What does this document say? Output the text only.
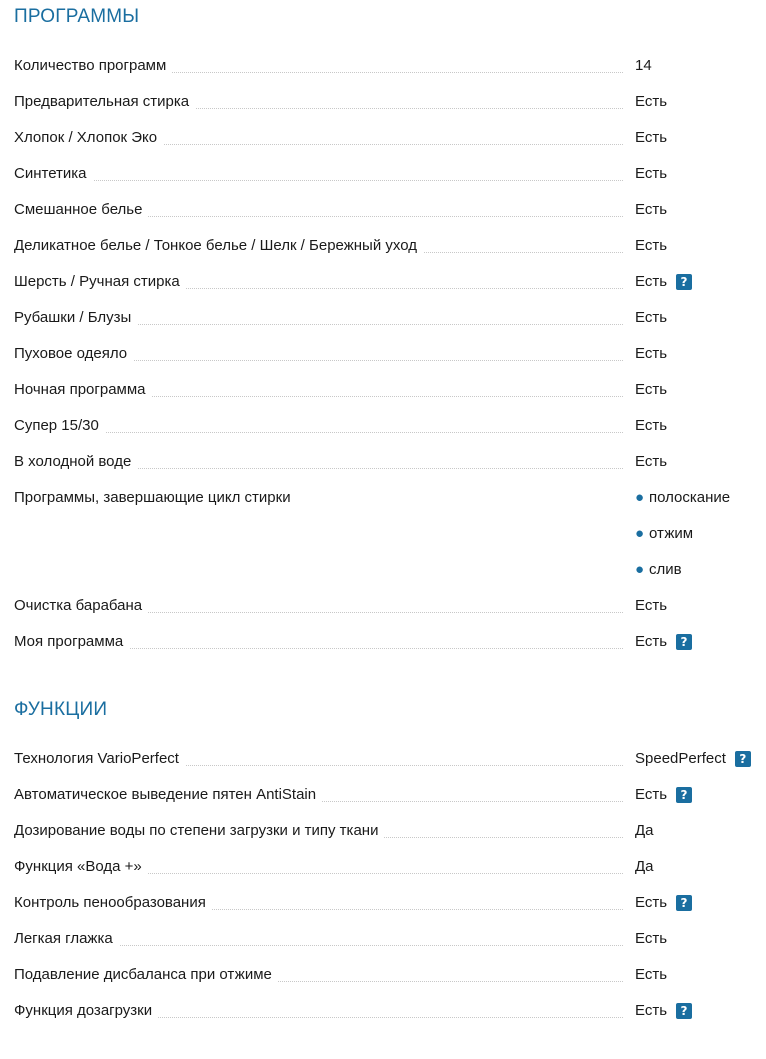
ПРОГРАММЫ
Количество программ	14
Предварительная стирка	Есть
Хлопок / Хлопок Эко	Есть
Синтетика	Есть
Смешанное белье	Есть
Деликатное белье / Тонкое белье / Шелк / Бережный уход	Есть
Шерсть / Ручная стирка	Есть	?
Рубашки / Блузы	Есть
Пуховое одеяло	Есть
Ночная программа	Есть
Супер 15/30	Есть
В холодной воде	Есть
Программы, завершающие цикл стирки	● полоскание
● отжим
● слив
Очистка барабана	Есть
Моя программа	Есть	?
ФУНКЦИИ
Технология VarioPerfect	SpeedPerfect	?
Автоматическое выведение пятен AntiStain	Есть	?
Дозирование воды по степени загрузки и типу ткани	Да
Функция «Вода +»	Да
Контроль пенообразования	Есть	?
Легкая глажка	Есть
Подавление дисбаланса при отжиме	Есть
Функция дозагрузки	Есть	?
